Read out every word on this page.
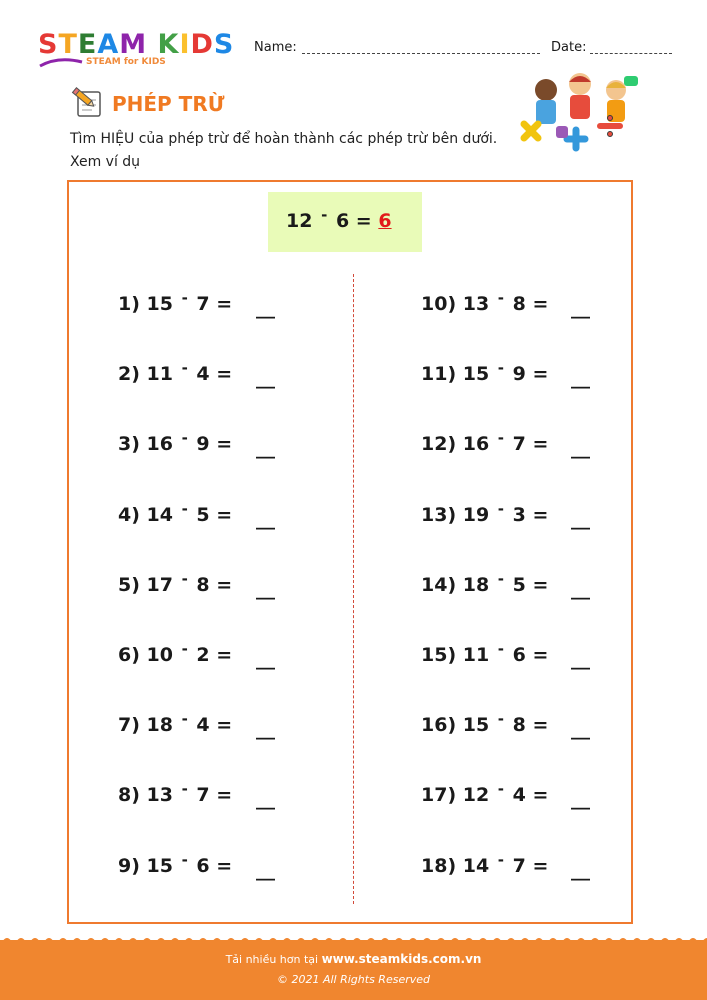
STEAM KIDS
STEAM for KIDS
Name:	Date:
PHÉP TRỪ
Tìm HIỆU của phép trừ để hoàn thành các phép trừ bên dưới. Xem ví dụ
12 - 6 = 6
1) 15 - 7 = __
2) 11 - 4 = __
3) 16 - 9 = __
4) 14 - 5 = __
5) 17 - 8 = __
6) 10 - 2 = __
7) 18 - 4 = __
8) 13 - 7 = __
9) 15 - 6 = __
10) 13 - 8 = __
11) 15 - 9 = __
12) 16 - 7 = __
13) 19 - 3 = __
14) 18 - 5 = __
15) 11 - 6 = __
16) 15 - 8 = __
17) 12 - 4 = __
18) 14 - 7 = __
Tải nhiều hơn tại www.steamkids.com.vn
© 2021 All Rights Reserved
